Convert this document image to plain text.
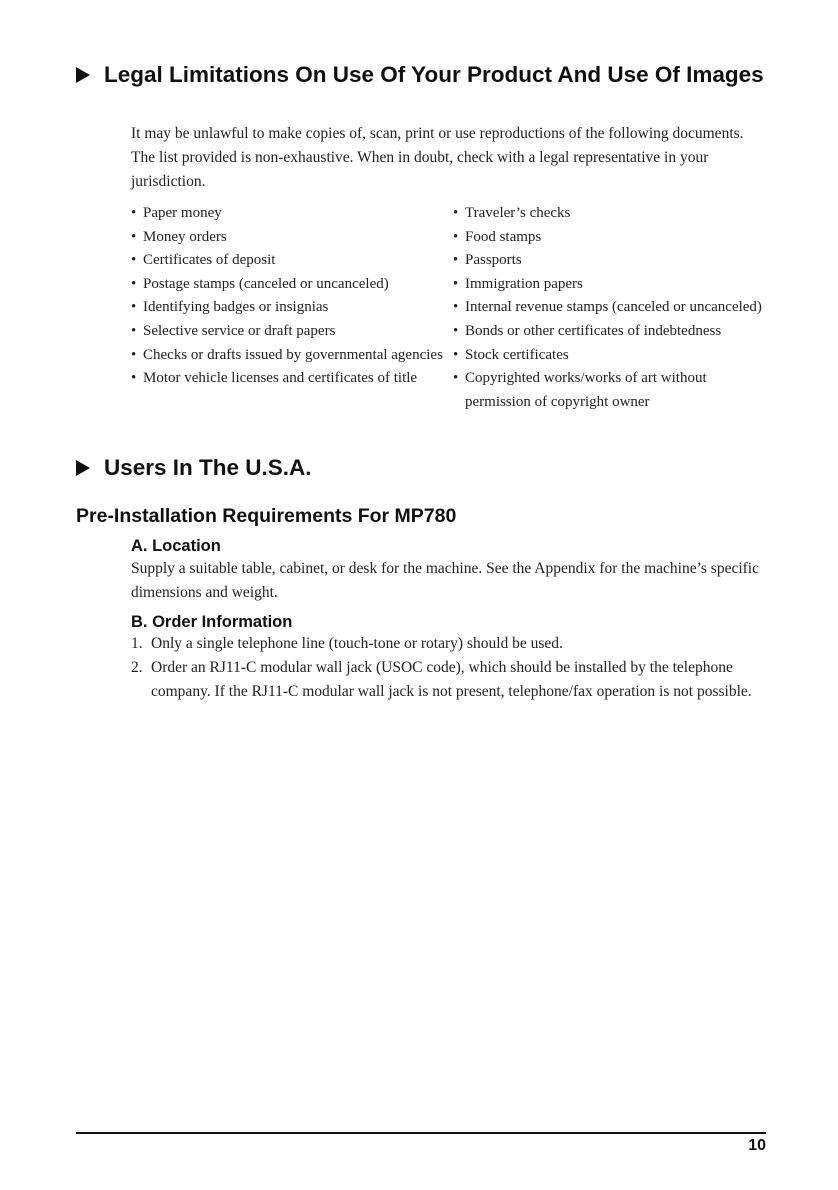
Legal Limitations On Use Of Your Product And Use Of Images
It may be unlawful to make copies of, scan, print or use reproductions of the following documents. The list provided is non-exhaustive. When in doubt, check with a legal representative in your jurisdiction.
• Paper money
• Money orders
• Certificates of deposit
• Postage stamps (canceled or uncanceled)
• Identifying badges or insignias
• Selective service or draft papers
• Checks or drafts issued by governmental agencies
• Motor vehicle licenses and certificates of title
• Traveler’s checks
• Food stamps
• Passports
• Immigration papers
• Internal revenue stamps (canceled or uncanceled)
• Bonds or other certificates of indebtedness
• Stock certificates
• Copyrighted works/works of art without permission of copyright owner
Users In The U.S.A.
Pre-Installation Requirements For MP780
A. Location
Supply a suitable table, cabinet, or desk for the machine. See the Appendix for the machine’s specific dimensions and weight.
B. Order Information
1. Only a single telephone line (touch-tone or rotary) should be used.
2. Order an RJ11-C modular wall jack (USOC code), which should be installed by the telephone company. If the RJ11-C modular wall jack is not present, telephone/fax operation is not possible.
10
